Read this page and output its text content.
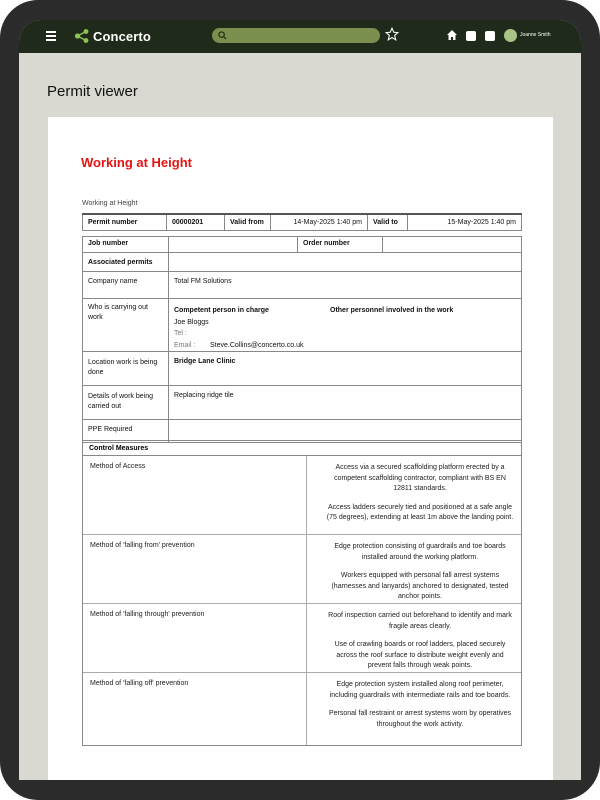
Concerto	Joanne Smith
Permit viewer
Working at Height
Working at Height
Permit number	00000201	Valid from	14-May-2025 1:40 pm	Valid to	15-May-2025 1:40 pm
Job number		Order number	
Associated permits			
Company name	Total FM Solutions		
Who is carrying out work	Competent person in charge Other personnel involved in the work
Joe Bloggs
Tel :
Email : Steve.Collins@concerto.co.uk		

Location work is being done	Bridge Lane Clinic		
Details of work being carried out	Replacing ridge tile		
PPE Required			
Control Measures
Method of Access	Access via a secured scaffolding platform erected by a competent scaffolding contractor, compliant with BS EN 12811 standards.

Access ladders securely tied and positioned at a safe angle (75 degrees), extending at least 1m above the landing point.

Method of 'falling from' prevention	Edge protection consisting of guardrails and toe boards installed around the working platform.

Workers equipped with personal fall arrest systems (harnesses and lanyards) anchored to designated, tested anchor points.

Method of 'falling through' prevention	Roof inspection carried out beforehand to identify and mark fragile areas clearly.

Use of crawling boards or roof ladders, placed securely across the roof surface to distribute weight evenly and prevent falls through weak points.

Method of 'falling off' prevention	Edge protection system installed along roof perimeter, including guardrails with intermediate rails and toe boards.

Personal fall restraint or arrest systems worn by operatives throughout the work activity.
